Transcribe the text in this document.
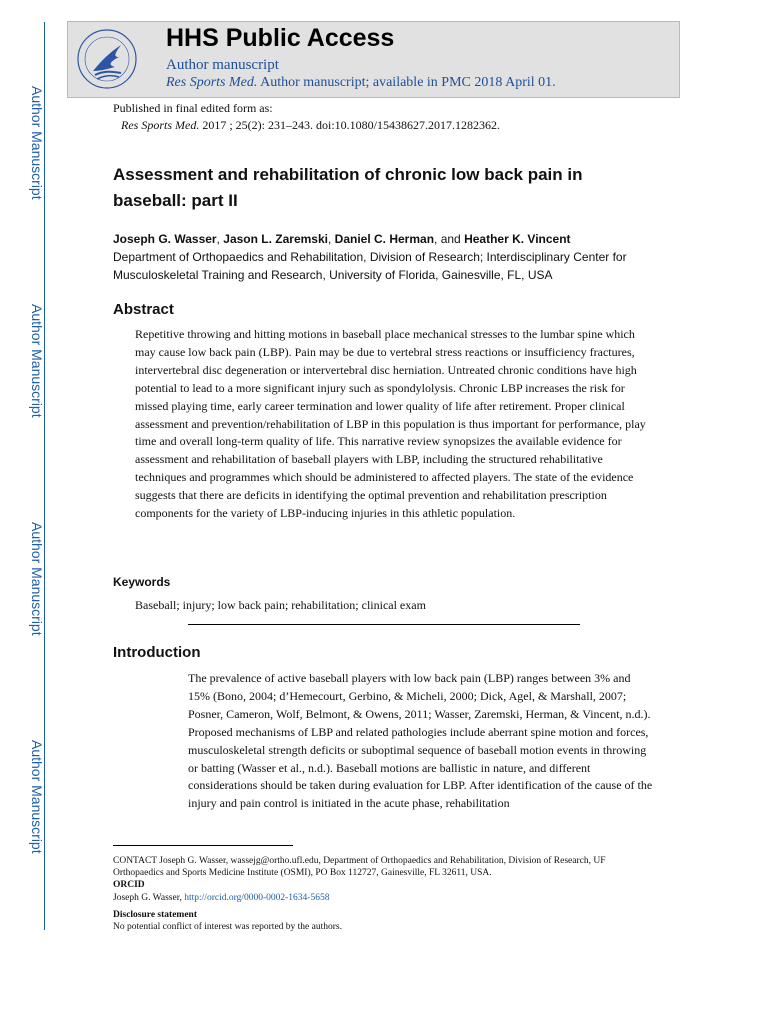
Author Manuscript
Author Manuscript
Author Manuscript
Author Manuscript
HHS Public Access
Author manuscript
Res Sports Med. Author manuscript; available in PMC 2018 April 01.
Published in final edited form as:
Res Sports Med. 2017 ; 25(2): 231–243. doi:10.1080/15438627.2017.1282362.
Assessment and rehabilitation of chronic low back pain in baseball: part II
Joseph G. Wasser, Jason L. Zaremski, Daniel C. Herman, and Heather K. Vincent
Department of Orthopaedics and Rehabilitation, Division of Research; Interdisciplinary Center for Musculoskeletal Training and Research, University of Florida, Gainesville, FL, USA
Abstract
Repetitive throwing and hitting motions in baseball place mechanical stresses to the lumbar spine which may cause low back pain (LBP). Pain may be due to vertebral stress reactions or insufficiency fractures, intervertebral disc degeneration or intervertebral disc herniation. Untreated chronic conditions have high potential to lead to a more significant injury such as spondylolysis. Chronic LBP increases the risk for missed playing time, early career termination and lower quality of life after retirement. Proper clinical assessment and prevention/rehabilitation of LBP in this population is thus important for performance, play time and overall long-term quality of life. This narrative review synopsizes the available evidence for assessment and rehabilitation of baseball players with LBP, including the structured rehabilitative techniques and programmes which should be administered to affected players. The state of the evidence suggests that there are deficits in identifying the optimal prevention and rehabilitation prescription components for the variety of LBP-inducing injuries in this athletic population.
Keywords
Baseball; injury; low back pain; rehabilitation; clinical exam
Introduction
The prevalence of active baseball players with low back pain (LBP) ranges between 3% and 15% (Bono, 2004; d’Hemecourt, Gerbino, & Micheli, 2000; Dick, Agel, & Marshall, 2007; Posner, Cameron, Wolf, Belmont, & Owens, 2011; Wasser, Zaremski, Herman, & Vincent, n.d.). Proposed mechanisms of LBP and related pathologies include aberrant spine motion and forces, musculoskeletal strength deficits or suboptimal sequence of baseball motion events in throwing or batting (Wasser et al., n.d.). Baseball motions are ballistic in nature, and different considerations should be taken during evaluation for LBP. After identification of the cause of the injury and pain control is initiated in the acute phase, rehabilitation
CONTACT Joseph G. Wasser, wassejg@ortho.ufl.edu, Department of Orthopaedics and Rehabilitation, Division of Research, UF Orthopaedics and Sports Medicine Institute (OSMI), PO Box 112727, Gainesville, FL 32611, USA.
ORCID
Joseph G. Wasser, http://orcid.org/0000-0002-1634-5658
Disclosure statement
No potential conflict of interest was reported by the authors.
